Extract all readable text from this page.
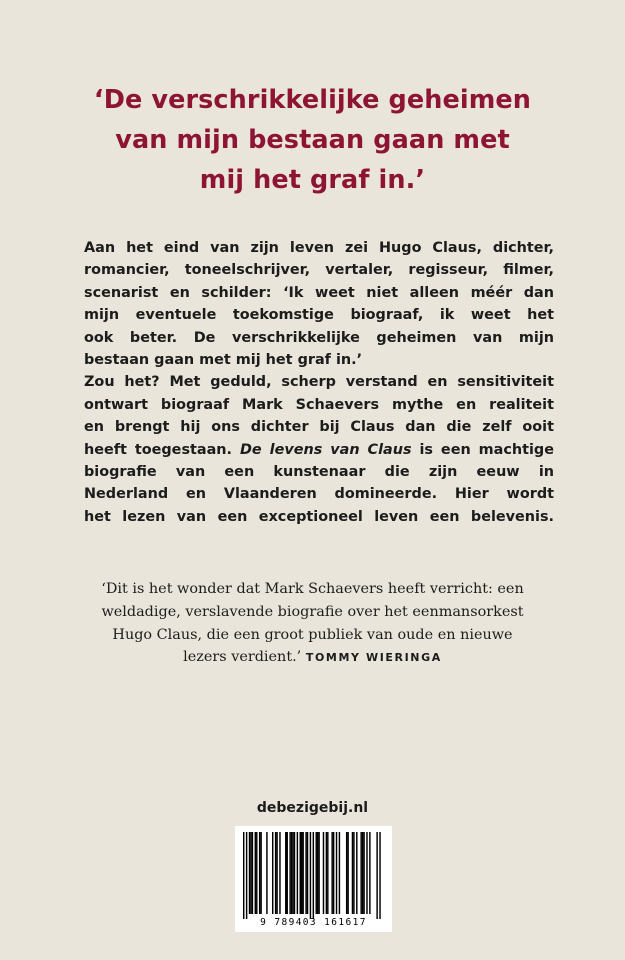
‘De verschrikkelijke geheimen
van mijn bestaan gaan met
mij het graf in.’
Aan het eind van zijn leven zei Hugo Claus, dichter,
romancier, toneelschrijver, vertaler, regisseur, filmer,
scenarist en schilder: ‘Ik weet niet alleen méér dan
mijn eventuele toekomstige biograaf, ik weet het
ook beter. De verschrikkelijke geheimen van mijn
bestaan gaan met mij het graf in.’
Zou het? Met geduld, scherp verstand en sensitiviteit
ontwart biograaf Mark Schaevers mythe en realiteit
en brengt hij ons dichter bij Claus dan die zelf ooit
heeft toegestaan. De levens van Claus is een machtige
biografie van een kunstenaar die zijn eeuw in
Nederland en Vlaanderen domineerde. Hier wordt
het lezen van een exceptioneel leven een belevenis.
‘Dit is het wonder dat Mark Schaevers heeft verricht: een
weldadige, verslavende biografie over het eenmansorkest
Hugo Claus, die een groot publiek van oude en nieuwe
lezers verdient.’ TOMMY WIERINGA
debezigebij.nl
9 789403 161617
